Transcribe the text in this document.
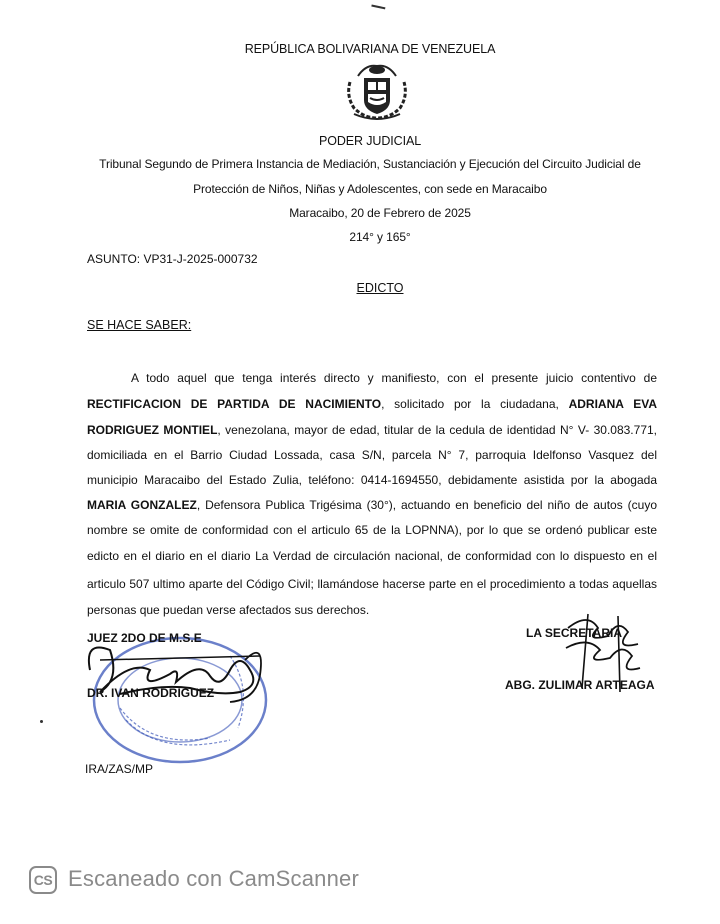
REPÚBLICA BOLIVARIANA DE VENEZUELA
PODER JUDICIAL
Tribunal Segundo de Primera Instancia de Mediación, Sustanciación y Ejecución del Circuito Judicial de
Protección de Niños, Niñas y Adolescentes, con sede en Maracaibo
Maracaibo, 20 de Febrero de 2025
214° y 165°
ASUNTO: VP31-J-2025-000732
EDICTO
SE HACE SABER:
A todo aquel que tenga interés directo y manifiesto, con el presente juicio contentivo de
RECTIFICACION DE PARTIDA DE NACIMIENTO, solicitado por la ciudadana, ADRIANA EVA
RODRIGUEZ MONTIEL, venezolana, mayor de edad, titular de la cedula de identidad N° V- 30.083.771,
domiciliada en el Barrio Ciudad Lossada, casa S/N, parcela N° 7, parroquia Idelfonso Vasquez del
municipio Maracaibo del Estado Zulia, teléfono: 0414-1694550, debidamente asistida por la abogada
MARIA GONZALEZ, Defensora Publica Trigésima (30°), actuando en beneficio del niño de autos (cuyo
nombre se omite de conformidad con el articulo 65 de la LOPNNA), por lo que se ordenó publicar este
edicto en el diario en el diario La Verdad de circulación nacional, de conformidad con lo dispuesto en el
articulo 507 ultimo aparte del Código Civil; llamándose hacerse parte en el procedimiento a todas aquellas
personas que puedan verse afectados sus derechos.
JUEZ 2DO DE M.S.E
DR. IVAN RODRIGUEZ
LA SECRETARIA
ABG. ZULIMAR ARTEAGA
IRA/ZAS/MP
CS Escaneado con CamScanner
